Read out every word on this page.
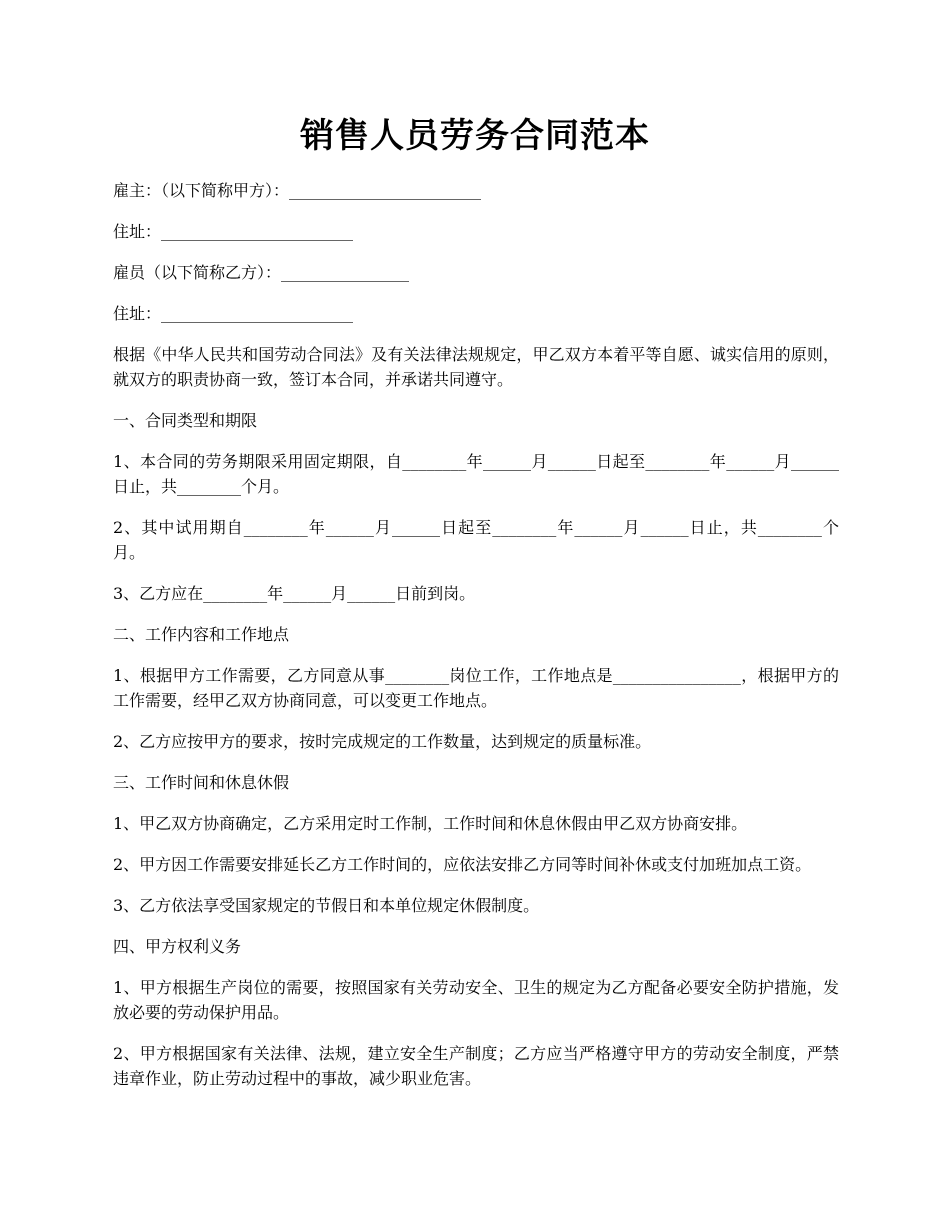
销售人员劳务合同范本

雇主：（以下简称甲方）：________________________

住址：________________________

雇员（以下简称乙方）：________________

住址：________________________

根据《中华人民共和国劳动合同法》及有关法律法规规定，甲乙双方本着平等自愿、诚实信用的原则，就双方的职责协商一致，签订本合同，并承诺共同遵守。

一、合同类型和期限

1、本合同的劳务期限采用固定期限，自________年______月______日起至________年______月______日止，共________个月。

2、其中试用期自________年______月______日起至________年______月______日止，共________个月。

3、乙方应在________年______月______日前到岗。

二、工作内容和工作地点

1、根据甲方工作需要，乙方同意从事________岗位工作，工作地点是________________，根据甲方的工作需要，经甲乙双方协商同意，可以变更工作地点。

2、乙方应按甲方的要求，按时完成规定的工作数量，达到规定的质量标准。

三、工作时间和休息休假

1、甲乙双方协商确定，乙方采用定时工作制，工作时间和休息休假由甲乙双方协商安排。

2、甲方因工作需要安排延长乙方工作时间的，应依法安排乙方同等时间补休或支付加班加点工资。

3、乙方依法享受国家规定的节假日和本单位规定休假制度。

四、甲方权利义务

1、甲方根据生产岗位的需要，按照国家有关劳动安全、卫生的规定为乙方配备必要安全防护措施，发放必要的劳动保护用品。

2、甲方根据国家有关法律、法规，建立安全生产制度；乙方应当严格遵守甲方的劳动安全制度，严禁违章作业，防止劳动过程中的事故，减少职业危害。
